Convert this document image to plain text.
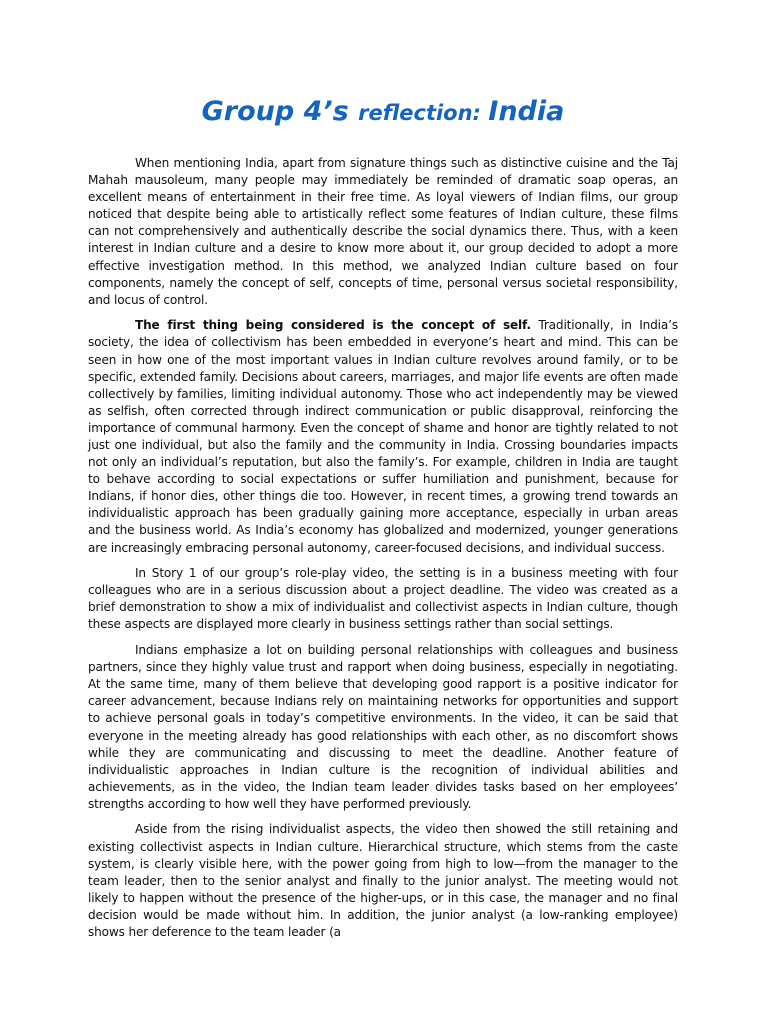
Group 4’s reflection: India

When mentioning India, apart from signature things such as distinctive cuisine and the Taj Mahah mausoleum, many people may immediately be reminded of dramatic soap operas, an excellent means of entertainment in their free time. As loyal viewers of Indian films, our group noticed that despite being able to artistically reflect some features of Indian culture, these films can not comprehensively and authentically describe the social dynamics there. Thus, with a keen interest in Indian culture and a desire to know more about it, our group decided to adopt a more effective investigation method. In this method, we analyzed Indian culture based on four components, namely the concept of self, concepts of time, personal versus societal responsibility, and locus of control.

The first thing being considered is the concept of self. Traditionally, in India’s society, the idea of collectivism has been embedded in everyone’s heart and mind. This can be seen in how one of the most important values in Indian culture revolves around family, or to be specific, extended family. Decisions about careers, marriages, and major life events are often made collectively by families, limiting individual autonomy. Those who act independently may be viewed as selfish, often corrected through indirect communication or public disapproval, reinforcing the importance of communal harmony. Even the concept of shame and honor are tightly related to not just one individual, but also the family and the community in India. Crossing boundaries impacts not only an individual’s reputation, but also the family’s. For example, children in India are taught to behave according to social expectations or suffer humiliation and punishment, because for Indians, if honor dies, other things die too. However, in recent times, a growing trend towards an individualistic approach has been gradually gaining more acceptance, especially in urban areas and the business world. As India’s economy has globalized and modernized, younger generations are increasingly embracing personal autonomy, career-focused decisions, and individual success.

In Story 1 of our group’s role-play video, the setting is in a business meeting with four colleagues who are in a serious discussion about a project deadline. The video was created as a brief demonstration to show a mix of individualist and collectivist aspects in Indian culture, though these aspects are displayed more clearly in business settings rather than social settings.

Indians emphasize a lot on building personal relationships with colleagues and business partners, since they highly value trust and rapport when doing business, especially in negotiating. At the same time, many of them believe that developing good rapport is a positive indicator for career advancement, because Indians rely on maintaining networks for opportunities and support to achieve personal goals in today’s competitive environments. In the video, it can be said that everyone in the meeting already has good relationships with each other, as no discomfort shows while they are communicating and discussing to meet the deadline. Another feature of individualistic approaches in Indian culture is the recognition of individual abilities and achievements, as in the video, the Indian team leader divides tasks based on her employees’ strengths according to how well they have performed previously.

Aside from the rising individualist aspects, the video then showed the still retaining and existing collectivist aspects in Indian culture. Hierarchical structure, which stems from the caste system, is clearly visible here, with the power going from high to low—from the manager to the team leader, then to the senior analyst and finally to the junior analyst. The meeting would not likely to happen without the presence of the higher-ups, or in this case, the manager and no final decision would be made without him. In addition, the junior analyst (a low-ranking employee) shows her deference to the team leader (a
